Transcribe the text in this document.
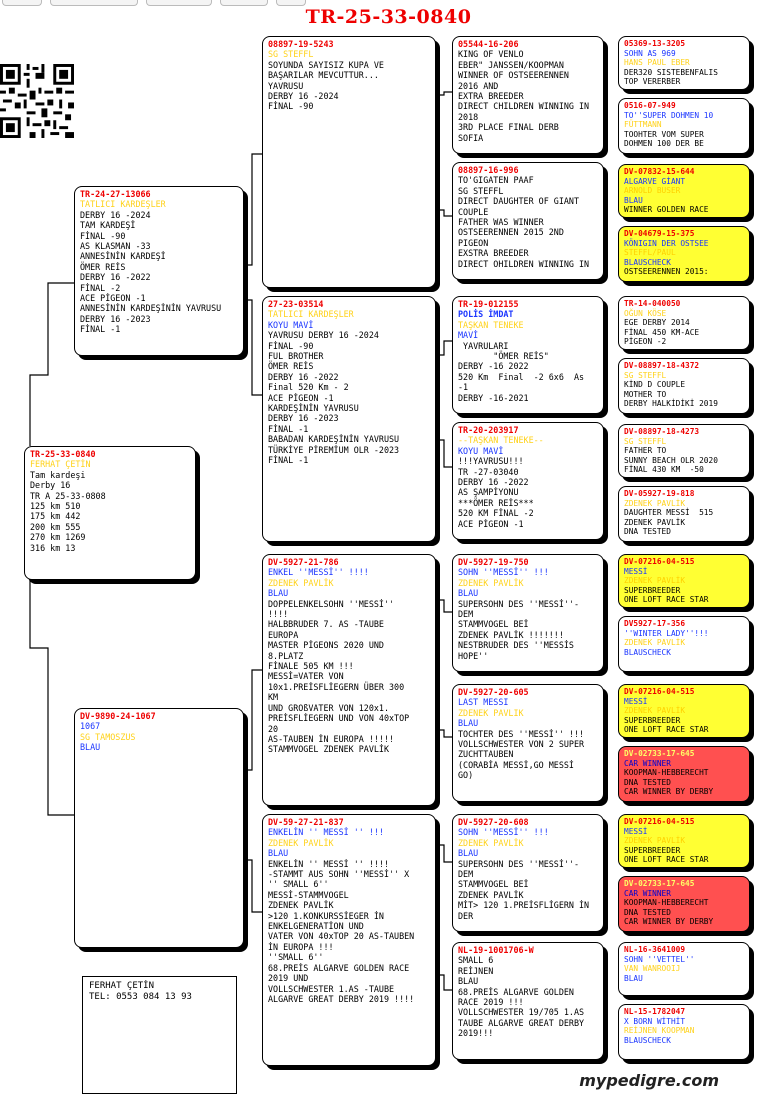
TR-25-33-0840
TR-25-33-0840
FERHAT ÇETİN
Tam kardeşi
Derby 16
TR A 25-33-0808
125 km 510
175 km 442
200 km 555
270 km 1269
316 km 13
TR-24-27-13066
TATLICI KARDEŞLER
DERBY 16 -2024
TAM KARDEŞİ
FİNAL -90
AS KLASMAN -33
ANNESİNİN KARDEŞİ
ÖMER REİS
DERBY 16 -2022
FİNAL -2
ACE PİGEON -1
ANNESİNİN KARDEŞİNİN YAVRUSU
DERBY 16 -2023
FİNAL -1
DV-9890-24-1067
1067
SG TAMOSZUS
BLAU
08897-19-5243
SG STEFFL
SOYUNDA SAYISIZ KUPA VE
BAŞARILAR MEVCUTTUR...
YAVRUSU
DERBY 16 -2024
FİNAL -90
27-23-03514
TATLICI KARDEŞLER
KOYU MAVİ
YAVRUSU DERBY 16 -2024
FİNAL -90
FUL BROTHER
ÖMER REİS
DERBY 16 -2022
Final 520 Km - 2
ACE PİGEON -1
KARDEŞİNİN YAVRUSU
DERBY 16 -2023
FİNAL -1
BABADAN KARDEŞİNİN YAVRUSU
TÜRKİYE PİREMİUM OLR -2023
FİNAL -1
DV-5927-21-786
ENKEL ''MESSİ'' !!!!
ZDENEK PAVLİK
BLAU
DOPPELENKELSOHN ''MESSİ''
!!!!
HALBBRUDER 7. AS -TAUBE
EUROPA
MASTER PİGEONS 2020 UND
8.PLATZ
FİNALE 505 KM !!!
MESSİ=VATER VON
10x1.PREİSFLİEGERN ÜBER 300
KM
UND GROßVATER VON 120x1.
PREİSFLİEGERN UND VON 40xTOP
20
AS-TAUBEN İN EUROPA !!!!!
STAMMVOGEL ZDENEK PAVLİK
DV-59-27-21-837
ENKELİN '' MESSİ '' !!!
ZDENEK PAVLİK
BLAU
ENKELİN '' MESSİ '' !!!!
-STAMMT AUS SOHN ''MESSİ'' X
'' SMALL 6''
MESSİ-STAMMVOGEL
ZDENEK PAVLİK
>120 1.KONKURSSİEGER İN
ENKELGENERATİON UND
VATER VON 40xTOP 20 AS-TAUBEN
İN EUROPA !!!
''SMALL 6''
68.PREİS ALGARVE GOLDEN RACE
2019 UND
VOLLSCHWESTER 1.AS -TAUBE
ALGARVE GREAT DERBY 2019 !!!!
05544-16-206
KING OF VENLO
EBER" JANSSEN/KOOPMAN
WINNER OF OSTSEERENNEN
2016 AND
EXTRA BREEDER
DIRECT CHILDREN WINNING IN
2018
3RD PLACE FINAL DERB
SOFIA
08897-16-996
TO'GIGATEN PAAF
SG STEFFL
DIRECT DAUGHTER OF GIANT
COUPLE
FATHER WAS WINNER
OSTSEERENNEN 2015 2ND
PIGEON
EXSTRA BREEDER
DIRECT OHILDREN WINNING IN
TR-19-012155
POLİS İMDAT
TAŞKAN TENEKE
MAVİ
YAVRULARI
"ÖMER REİS"
DERBY -16 2022
520 Km  Final  -2 6x6  As
-1
DERBY -16-2021
TR-20-203917
--TAŞKAN TENEKE--
KOYU MAVİ
!!!YAVRUSU!!!
TR -27-03040
DERBY 16 -2022
AS ŞAMPİYONU
***ÖMER REİS***
520 KM FİNAL -2
ACE PİGEON -1
DV-5927-19-750
SOHN ''MESSİ'' !!!
ZDENEK PAVLİK
BLAU
SUPERSOHN DES ''MESSİ''-
DEM
STAMMVOGEL BEİ
ZDENEK PAVLİK !!!!!!!
NESTBRUDER DES ''MESSİS
HOPE''
DV-5927-20-605
LAST MESSI
ZDENEK PAVLIK
BLAU
TOCHTER DES ''MESSİ'' !!!
VOLLSCHWESTER VON 2 SUPER
ZUCHTTAUBEN
(CORABİA MESSİ,GO MESSİ
GO)
DV-5927-20-608
SOHN ''MESSİ'' !!!
ZDENEK PAVLİK
BLAU
SUPERSOHN DES ''MESSİ''-
DEM
STAMMVOGEL BEİ
ZDENEK PAVLİK
MİT> 120 1.PREİSFLİGERN İN
DER
NL-19-1001706-W
SMALL 6
REİJNEN
BLAU
68.PREİS ALGARVE GOLDEN
RACE 2019 !!!
VOLLSCHWESTER 19/705 1.AS
TAUBE ALGARVE GREAT DERBY
2019!!!
05369-13-3205
SOHN AS 969
HANS PAUL EBER
DER320 SISTEBENFALIS
TOP VERERBER
0516-07-949
TO''SUPER DOHMEN 10
FÜTTMANN
TOOHTER VOM SUPER
DOHMEN 100 DER BE
DV-07832-15-644
ALGARVE GİANT
ARNOLD BUSER
BLAU
WINNER GOLDEN RACE
DV-04679-15-375
KÖNIGIN DER OSTSEE
STEFFL/PAUL
BLAUSCHECK
OSTSEERENNEN 2015:
TR-14-040050
OĞUN KÖSE
EGE DERBY 2014
FİNAL 450 KM-ACE
PİGEON -2
DV-08897-18-4372
SG STEFFL
KİND D COUPLE
MOTHER TO
DERBY HALKİDİKİ 2019
DV-08897-18-4273
SG STEFFL
FATHER TO
SUNNY BEACH OLR 2020
FİNAL 430 KM  -50
DV-05927-19-818
ZDENEK PAVLİK
DAUGHTER MESSİ  515
ZDENEK PAVLİK
DNA TESTED
DV-07216-04-515
MESSİ
ZDENEK PAVLİK
SUPERBREEDER
ONE LOFT RACE STAR
DV5927-17-356
''WINTER LADY''!!!
ZDENEK PAVLİK
BLAUSCHECK
DV-07216-04-515
MESSİ
ZDENEK PAVLİK
SUPERBREEDER
ONE LOFT RACE STAR
DV-02733-17-645
CAR WINNER
KOOPMAN-HEBBERECHT
DNA TESTED
CAR WINNER BY DERBY
DV-07216-04-515
MESSİ
ZDENEK PAVLİK
SUPERBREEDER
ONE LOFT RACE STAR
DV-02733-17-645
CAR WINNER
KOOPMAN-HEBBERECHT
DNA TESTED
CAR WINNER BY DERBY
NL-16-3641009
SOHN ''VETTEL''
VAN WANROOIJ
BLAU
NL-15-1782047
X BORN WİTHİT
REİJNEN KOOPMAN
BLAUSCHECK
FERHAT ÇETİN
TEL: 0553 084 13 93
mypedigre.com
